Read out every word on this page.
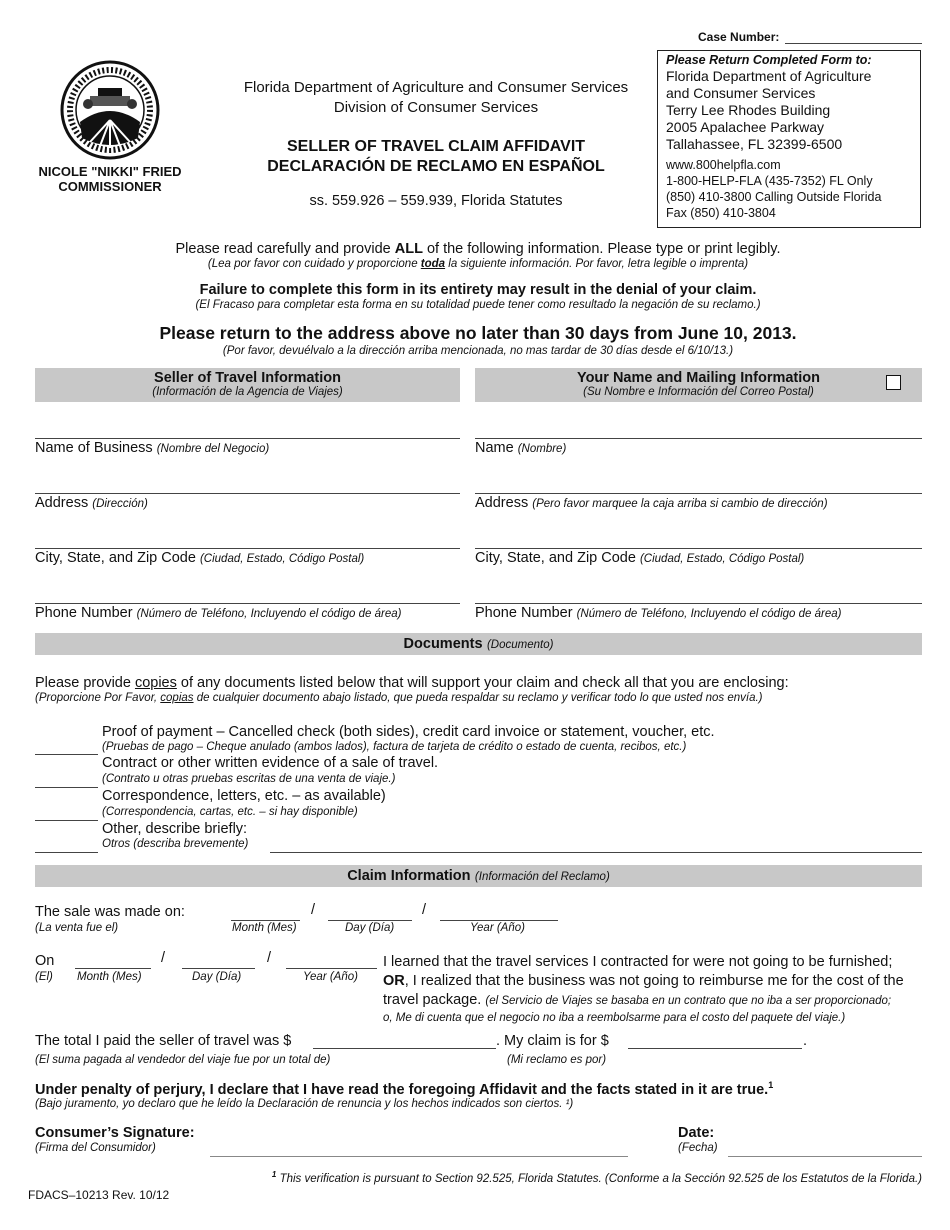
Case Number:
NICOLE "NIKKI" FRIED
COMMISSIONER
Florida Department of Agriculture and Consumer Services
Division of Consumer Services
SELLER OF TRAVEL CLAIM AFFIDAVIT
DECLARACIÓN DE RECLAMO EN ESPAÑOL
ss. 559.926 – 559.939, Florida Statutes
Please Return Completed Form to:
Florida Department of Agriculture
and Consumer Services
Terry Lee Rhodes Building
2005 Apalachee Parkway
Tallahassee, FL 32399-6500
www.800helpfla.com
1-800-HELP-FLA (435-7352) FL Only
(850) 410-3800 Calling Outside Florida
Fax (850) 410-3804
Please read carefully and provide ALL of the following information. Please type or print legibly.
(Lea por favor con cuidado y proporcione toda la siguiente información. Por favor, letra legible o imprenta)
Failure to complete this form in its entirety may result in the denial of your claim.
(El Fracaso para completar esta forma en su totalidad puede tener como resultado la negación de su reclamo.)
Please return to the address above no later than 30 days from June 10, 2013.
(Por favor, devuélvalo a la dirección arriba mencionada, no mas tardar de 30 días desde el 6/10/13.)
Seller of Travel Information
(Información de la Agencia de Viajes)
Your Name and Mailing Information
(Su Nombre e Información del Correo Postal)
Name of Business (Nombre del Negocio)
Address (Dirección)
City, State, and Zip Code (Ciudad, Estado, Código Postal)
Phone Number (Número de Teléfono, Incluyendo el código de área)
Name (Nombre)
Address (Pero favor marquee la caja arriba si cambio de dirección)
City, State, and Zip Code (Ciudad, Estado, Código Postal)
Phone Number (Número de Teléfono, Incluyendo el código de área)
Documents (Documento)
Please provide copies of any documents listed below that will support your claim and check all that you are enclosing:
(Proporcione Por Favor, copias de cualquier documento abajo listado, que pueda respaldar su reclamo y verificar todo lo que usted nos envía.)
Proof of payment – Cancelled check (both sides), credit card invoice or statement, voucher, etc.
(Pruebas de pago – Cheque anulado (ambos lados), factura de tarjeta de crédito o estado de cuenta, recibos, etc.)
Contract or other written evidence of a sale of travel.
(Contrato u otras pruebas escritas de una venta de viaje.)
Correspondence, letters, etc. – as available)
(Correspondencia, cartas, etc. – si hay disponible)
Other, describe briefly:
Otros (describa brevemente)
Claim Information (Información del Reclamo)
The sale was made on:
(La venta fue el)
/	/
Month (Mes)	Day (Día)	Year (Año)
On
(El)
/	/
Month (Mes)	Day (Día)	Year (Año)
I learned that the travel services I contracted for were not going to be furnished;
OR, I realized that the business was not going to reimburse me for the cost of the
travel package. (el Servicio de Viajes se basaba en un contrato que no iba a ser proporcionado;
o, Me di cuenta que el negocio no iba a reembolsarme para el costo del paquete del viaje.)
The total I paid the seller of travel was $	. My claim is for $	.
(El suma pagada al vendedor del viaje fue por un total de)	(Mi reclamo es por)
Under penalty of perjury, I declare that I have read the foregoing Affidavit and the facts stated in it are true.$^1$
(Bajo juramento, yo declaro que he leído la Declaración de renuncia y los hechos indicados son ciertos. ¹)
Consumer’s Signature:
(Firma del Consumidor)
Date:
(Fecha)
$^1$ This verification is pursuant to Section 92.525, Florida Statutes. (Conforme a la Sección 92.525 de los Estatutos de la Florida.)
FDACS–10213 Rev. 10/12
